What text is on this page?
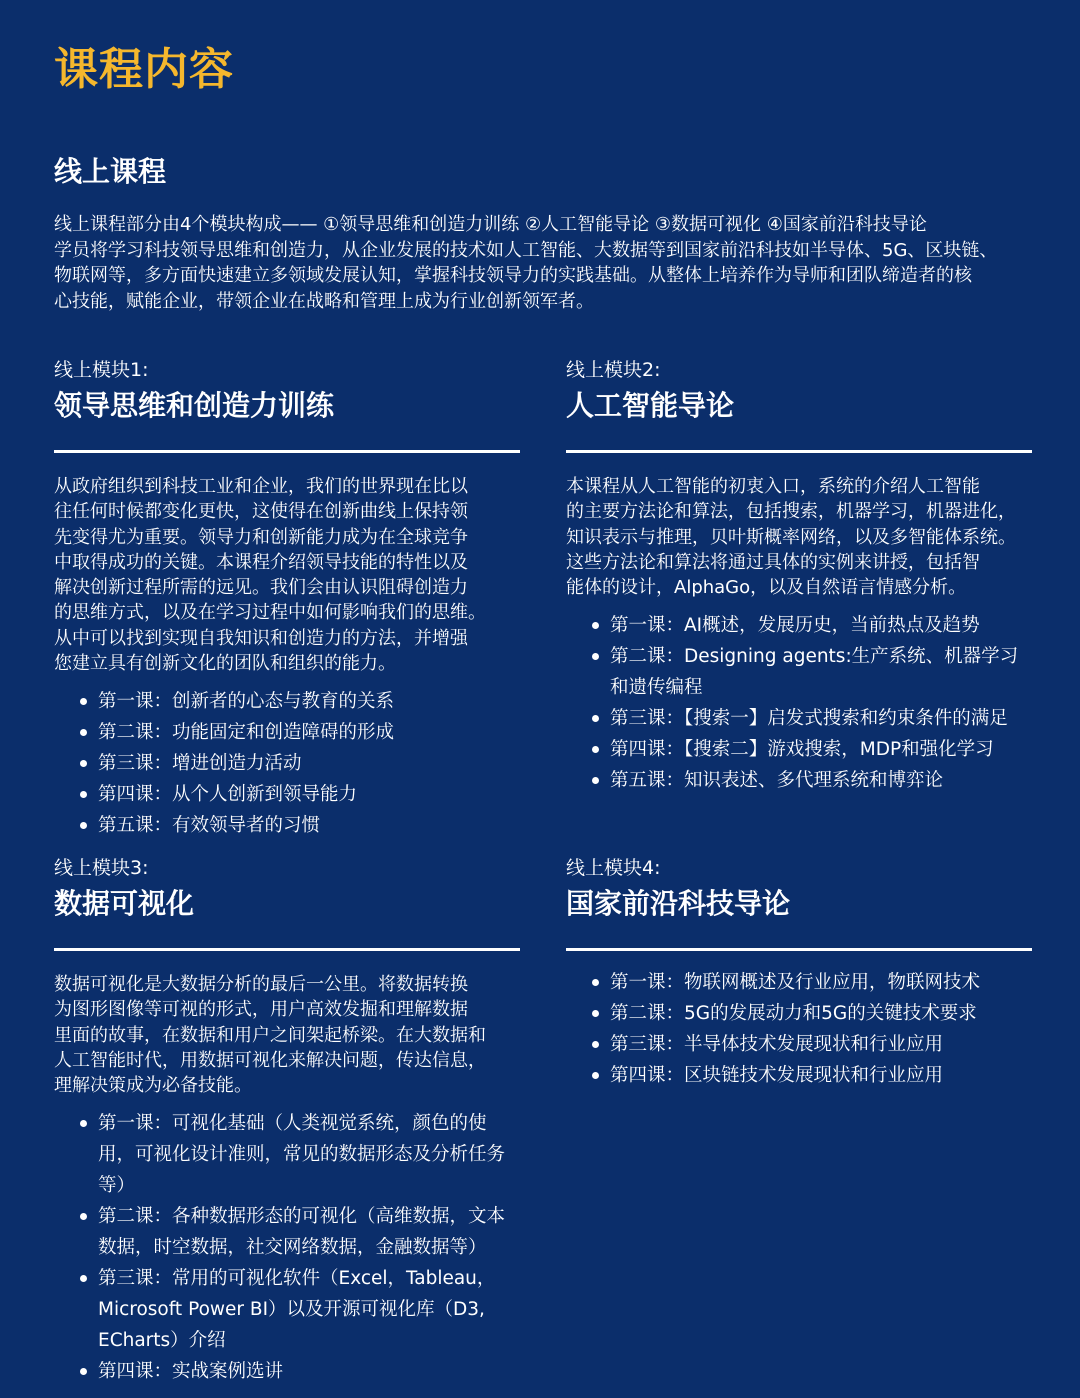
课程内容
线上课程

线上课程部分由4个模块构成—— ①领导思维和创造力训练 ②人工智能导论 ③数据可视化 ④国家前沿科技导论

学员将学习科技领导思维和创造力，从企业发展的技术如人工智能、大数据等到国家前沿科技如半导体、5G、区块链、

物联网等，多方面快速建立多领域发展认知，掌握科技领导力的实践基础。从整体上培养作为导师和团队缔造者的核

心技能，赋能企业，带领企业在战略和管理上成为行业创新领军者。

线上模块1:
领导思维和创造力训练

从政府组织到科技工业和企业，我们的世界现在比以

往任何时候都变化更快，这使得在创新曲线上保持领

先变得尤为重要。领导力和创新能力成为在全球竞争

中取得成功的关键。本课程介绍领导技能的特性以及

解决创新过程所需的远见。我们会由认识阻碍创造力

的思维方式，以及在学习过程中如何影响我们的思维。

从中可以找到实现自我知识和创造力的方法，并增强

您建立具有创新文化的团队和组织的能力。

第一课：创新者的心态与教育的关系
第二课：功能固定和创造障碍的形成
第三课：增进创造力活动
第四课：从个人创新到领导能力
第五课：有效领导者的习惯
线上模块2:
人工智能导论

本课程从人工智能的初衷入口，系统的介绍人工智能

的主要方法论和算法，包括搜索，机器学习，机器进化，

知识表示与推理，贝叶斯概率网络，以及多智能体系统。

这些方法论和算法将通过具体的实例来讲授，包括智

能体的设计，AlphaGo，以及自然语言情感分析。

第一课：AI概述，发展历史，当前热点及趋势
第二课：Designing agents:生产系统、机器学习和遗传编程
第三课：【搜索一】启发式搜索和约束条件的满足
第四课：【搜索二】游戏搜索，MDP和强化学习
第五课：知识表述、多代理系统和博弈论
线上模块3:
数据可视化

数据可视化是大数据分析的最后一公里。将数据转换

为图形图像等可视的形式，用户高效发掘和理解数据

里面的故事，在数据和用户之间架起桥梁。在大数据和

人工智能时代，用数据可视化来解决问题，传达信息，

理解决策成为必备技能。

第一课：可视化基础（人类视觉系统，颜色的使用，可视化设计准则，常见的数据形态及分析任务等）
第二课：各种数据形态的可视化（高维数据，文本数据，时空数据，社交网络数据，金融数据等）
第三课：常用的可视化软件（Excel，Tableau，Microsoft Power BI）以及开源可视化库（D3, ECharts）介绍
第四课：实战案例选讲
线上模块4:
国家前沿科技导论
第一课：物联网概述及行业应用，物联网技术
第二课：5G的发展动力和5G的关键技术要求
第三课：半导体技术发展现状和行业应用
第四课：区块链技术发展现状和行业应用
